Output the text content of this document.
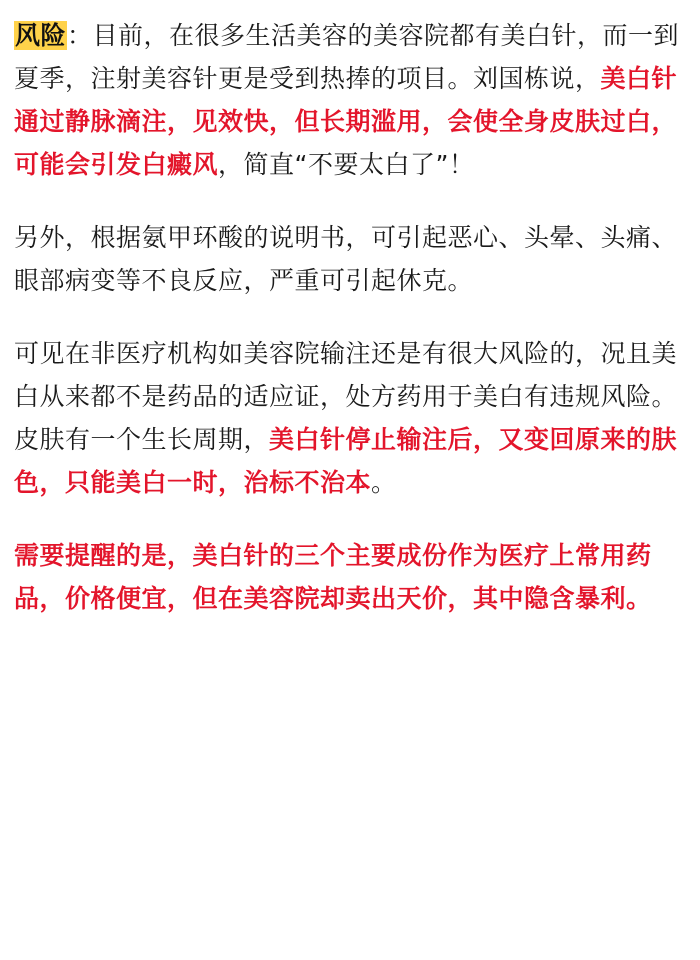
风险：目前，在很多生活美容的美容院都有美白针，而一到夏季，注射美容针更是受到热捧的项目。刘国栋说，美白针通过静脉滴注，见效快，但长期滥用，会使全身皮肤过白，可能会引发白癜风，简直“不要太白了”！

另外，根据氨甲环酸的说明书，可引起恶心、头晕、头痛、眼部病变等不良反应，严重可引起休克。

可见在非医疗机构如美容院输注还是有很大风险的，况且美白从来都不是药品的适应证，处方药用于美白有违规风险。皮肤有一个生长周期，美白针停止输注后，又变回原来的肤色，只能美白一时，治标不治本。

需要提醒的是，美白针的三个主要成份作为医疗上常用药品，价格便宜，但在美容院却卖出天价，其中隐含暴利。
